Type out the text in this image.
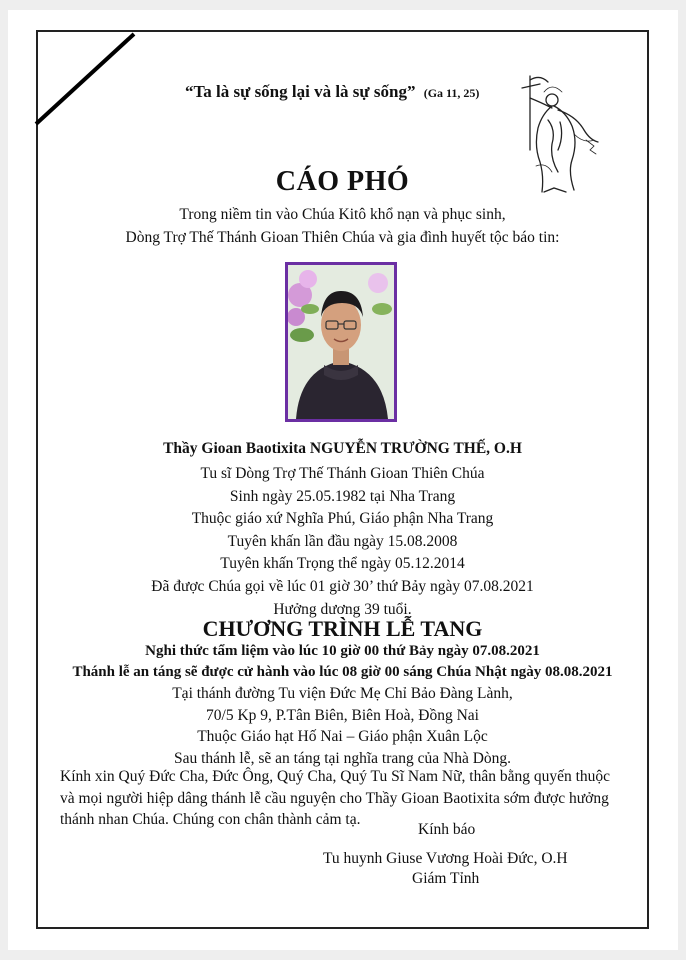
“Ta là sự sống lại và là sự sống” (Ga 11, 25)
CÁO PHÓ
Trong niềm tin vào Chúa Kitô khổ nạn và phục sinh,
Dòng Trợ Thế Thánh Gioan Thiên Chúa và gia đình huyết tộc báo tin:
Thầy Gioan Baotixita NGUYỄN TRƯỜNG THẾ, O.H
Tu sĩ Dòng Trợ Thế Thánh Gioan Thiên Chúa
Sinh ngày 25.05.1982 tại Nha Trang
Thuộc giáo xứ Nghĩa Phú, Giáo phận Nha Trang
Tuyên khấn lần đầu ngày 15.08.2008
Tuyên khấn Trọng thể ngày 05.12.2014
Đã được Chúa gọi về lúc 01 giờ 30’ thứ Bảy ngày 07.08.2021
Hưởng dương 39 tuổi.
CHƯƠNG TRÌNH LỄ TANG
Nghi thức tẩm liệm vào lúc 10 giờ 00 thứ Bảy ngày 07.08.2021
Thánh lễ an táng sẽ được cử hành vào lúc 08 giờ 00 sáng Chúa Nhật ngày 08.08.2021
Tại thánh đường Tu viện Đức Mẹ Chỉ Bảo Đàng Lành,
70/5 Kp 9, P.Tân Biên, Biên Hoà, Đồng Nai
Thuộc Giáo hạt Hố Nai – Giáo phận Xuân Lộc
Sau thánh lễ, sẽ an táng tại nghĩa trang của Nhà Dòng.
Kính xin Quý Đức Cha, Đức Ông, Quý Cha, Quý Tu Sĩ Nam Nữ, thân bằng quyến thuộc
và mọi người hiệp dâng thánh lễ cầu nguyện cho Thầy Gioan Baotixita sớm được hưởng
thánh nhan Chúa. Chúng con chân thành cảm tạ.
Kính báo
Tu huynh Giuse Vương Hoài Đức, O.H
Giám Tỉnh
